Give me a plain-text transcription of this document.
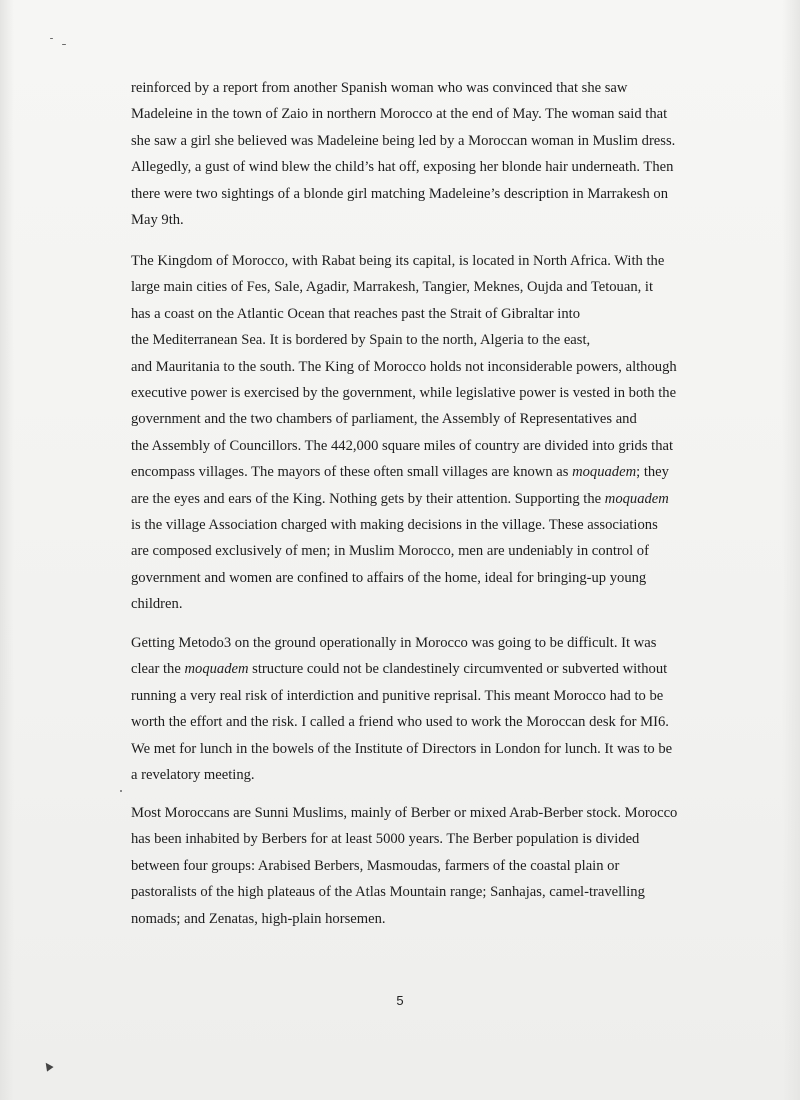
reinforced by a report from another Spanish woman who was convinced that she saw
Madeleine in the town of Zaio in northern Morocco at the end of May. The woman said that
she saw a girl she believed was Madeleine being led by a Moroccan woman in Muslim dress.
Allegedly, a gust of wind blew the child’s hat off, exposing her blonde hair underneath. Then
there were two sightings of a blonde girl matching Madeleine’s description in Marrakesh on
May 9th.

The Kingdom of Morocco, with Rabat being its capital, is located in North Africa. With the
large main cities of Fes, Sale, Agadir, Marrakesh, Tangier, Meknes, Oujda and Tetouan, it
has a coast on the Atlantic Ocean that reaches past the Strait of Gibraltar into
the Mediterranean Sea. It is bordered by Spain to the north, Algeria to the east,
and Mauritania to the south. The King of Morocco holds not inconsiderable powers, although
executive power is exercised by the government, while legislative power is vested in both the
government and the two chambers of parliament, the Assembly of Representatives and
the Assembly of Councillors. The 442,000 square miles of country are divided into grids that
encompass villages. The mayors of these often small villages are known as moquadem; they
are the eyes and ears of the King. Nothing gets by their attention. Supporting the moquadem
is the village Association charged with making decisions in the village. These associations
are composed exclusively of men; in Muslim Morocco, men are undeniably in control of
government and women are confined to affairs of the home, ideal for bringing-up young
children.

Getting Metodo3 on the ground operationally in Morocco was going to be difficult. It was
clear the moquadem structure could not be clandestinely circumvented or subverted without
running a very real risk of interdiction and punitive reprisal. This meant Morocco had to be
worth the effort and the risk. I called a friend who used to work the Moroccan desk for MI6.
We met for lunch in the bowels of the Institute of Directors in London for lunch. It was to be
a revelatory meeting.

Most Moroccans are Sunni Muslims, mainly of Berber or mixed Arab-Berber stock. Morocco
has been inhabited by Berbers for at least 5000 years. The Berber population is divided
between four groups: Arabised Berbers, Masmoudas, farmers of the coastal plain or
pastoralists of the high plateaus of the Atlas Mountain range; Sanhajas, camel-travelling
nomads; and Zenatas, high-plain horsemen.

5
